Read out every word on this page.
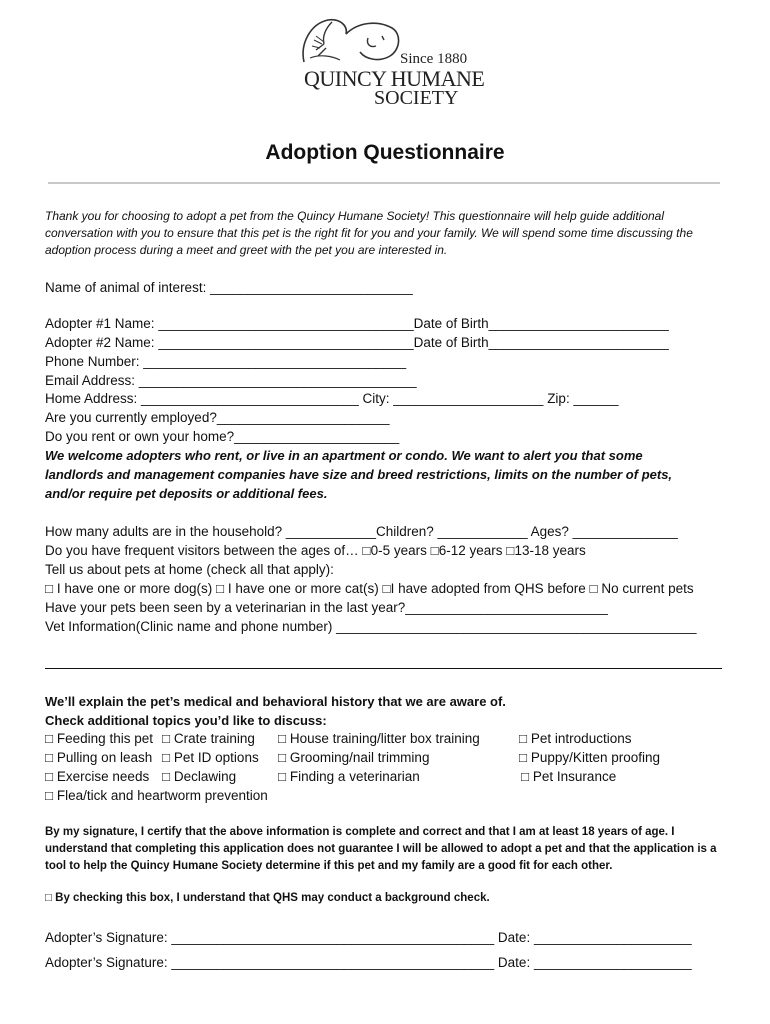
Since 1880
QUINCY HUMANE
SOCIETY
Adoption Questionnaire

Thank you for choosing to adopt a pet from the Quincy Humane Society! This questionnaire will help guide additional conversation with you to ensure that this pet is the right fit for you and your family. We will spend some time discussing the adoption process during a meet and greet with the pet you are interested in.

Name of animal of interest: ___________________________
Adopter #1 Name: __________________________________Date of Birth________________________
Adopter #2 Name: __________________________________Date of Birth________________________
Phone Number: ___________________________________
Email Address: _____________________________________
Home Address: _____________________________ City: ____________________ Zip: ______
Are you currently employed?_______________________
Do you rent or own your home?______________________
We welcome adopters who rent, or live in an apartment or condo. We want to alert you that some
landlords and management companies have size and breed restrictions, limits on the number of pets,
and/or require pet deposits or additional fees.
How many adults are in the household? ____________Children? ____________ Ages? ______________
Do you have frequent visitors between the ages of… □0-5 years □6-12 years □13-18 years
Tell us about pets at home (check all that apply):
□ I have one or more dog(s) □ I have one or more cat(s) □I have adopted from QHS before □ No current pets
Have your pets been seen by a veterinarian in the last year?___________________________
Vet Information(Clinic name and phone number) ________________________________________________
We’ll explain the pet’s medical and behavioral history that we are aware of.
Check additional topics you’d like to discuss:
□ Feeding this pet
□ Pulling on leash
□ Exercise needs
□ Flea/tick and heartworm prevention
□ Crate training
□ Pet ID options
□ Declawing
□ House training/litter box training
□ Grooming/nail trimming
□ Finding a veterinarian
□ Pet introductions
□ Puppy/Kitten proofing
□ Pet Insurance

By my signature, I certify that the above information is complete and correct and that I am at least 18 years of age. I understand that completing this application does not guarantee I will be allowed to adopt a pet and that the application is a tool to help the Quincy Humane Society determine if this pet and my family are a good fit for each other.

□ By checking this box, I understand that QHS may conduct a background check.
Adopter’s Signature: ___________________________________________ Date: _____________________
Adopter’s Signature: ___________________________________________ Date: _____________________
